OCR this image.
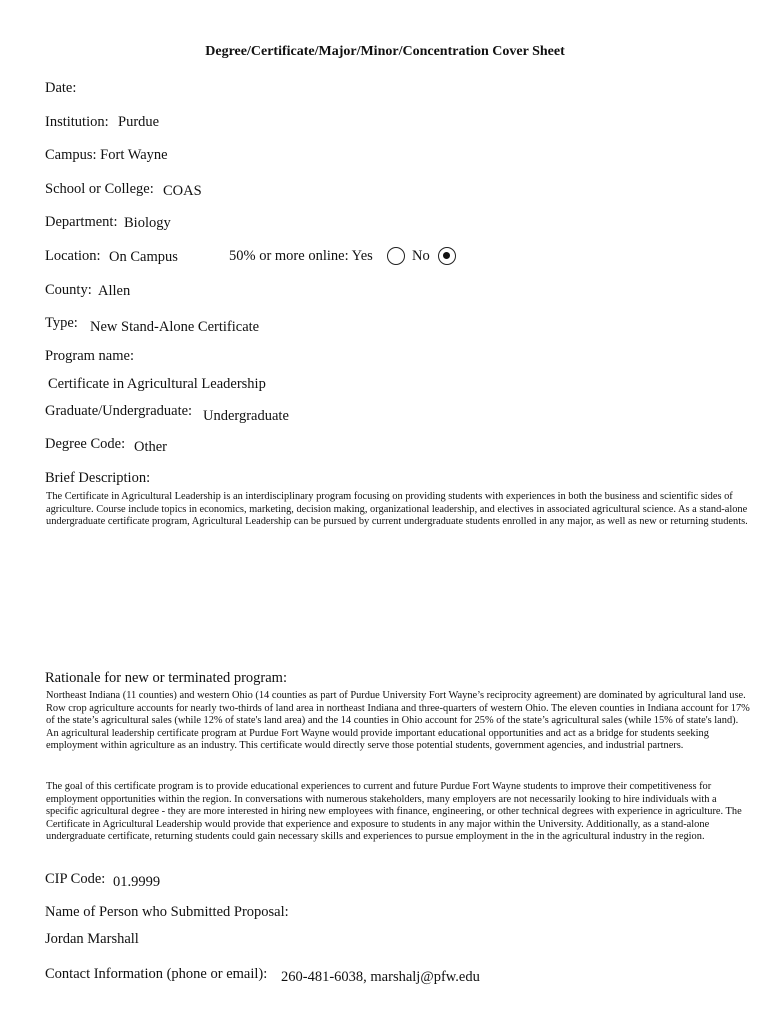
Degree/Certificate/Major/Minor/Concentration Cover Sheet
Date:
Institution: Purdue
Campus: Fort Wayne
School or College: COAS
Department: Biology
Location: On Campus	50% or more online: Yes	No
County: Allen
Type: New Stand-Alone Certificate
Program name:
Certificate in Agricultural Leadership
Graduate/Undergraduate: Undergraduate
Degree Code: Other
Brief Description:
The Certificate in Agricultural Leadership is an interdisciplinary program focusing on providing students with experiences in both the business and scientific sides of agriculture. Course include topics in economics, marketing, decision making, organizational leadership, and electives in associated agricultural science. As a stand-alone undergraduate certificate program, Agricultural Leadership can be pursued by current undergraduate students enrolled in any major, as well as new or returning students.
Rationale for new or terminated program:
Northeast Indiana (11 counties) and western Ohio (14 counties as part of Purdue University Fort Wayne’s reciprocity agreement) are dominated by agricultural land use. Row crop agriculture accounts for nearly two-thirds of land area in northeast Indiana and three-quarters of western Ohio. The eleven counties in Indiana account for 17% of the state’s agricultural sales (while 12% of state's land area) and the 14 counties in Ohio account for 25% of the state’s agricultural sales (while 15% of state's land). An agricultural leadership certificate program at Purdue Fort Wayne would provide important educational opportunities and act as a bridge for students seeking employment within agriculture as an industry. This certificate would directly serve those potential students, government agencies, and industrial partners.
The goal of this certificate program is to provide educational experiences to current and future Purdue Fort Wayne students to improve their competitiveness for employment opportunities within the region. In conversations with numerous stakeholders, many employers are not necessarily looking to hire individuals with a specific agricultural degree - they are more interested in hiring new employees with finance, engineering, or other technical degrees with experience in agriculture. The Certificate in Agricultural Leadership would provide that experience and exposure to students in any major within the University. Additionally, as a stand-alone undergraduate certificate, returning students could gain necessary skills and experiences to pursue employment in the in the agricultural industry in the region.
CIP Code: 01.9999
Name of Person who Submitted Proposal:
Jordan Marshall
Contact Information (phone or email): 260-481-6038, marshalj@pfw.edu
